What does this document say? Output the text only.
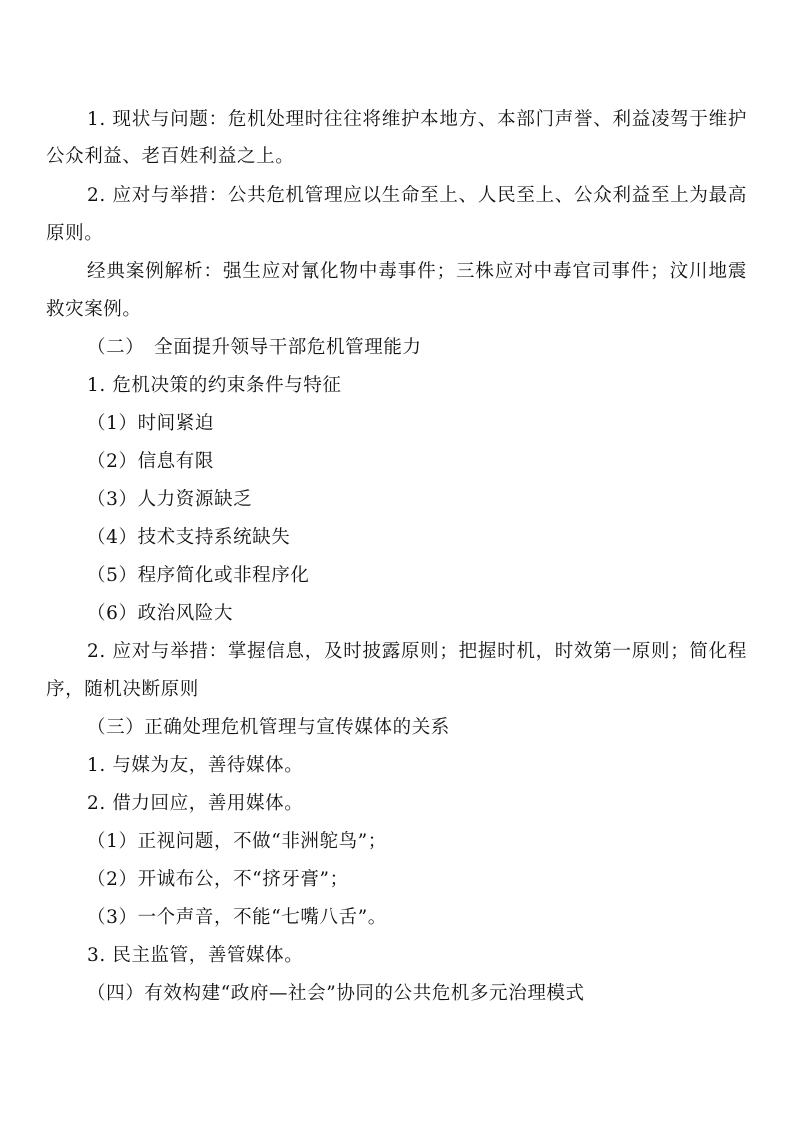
1. 现状与问题：危机处理时往往将维护本地方、本部门声誉、利益凌驾于维护
公众利益、老百姓利益之上。
2. 应对与举措：公共危机管理应以生命至上、人民至上、公众利益至上为最高
原则。
经典案例解析：强生应对氰化物中毒事件；三株应对中毒官司事件；汶川地震
救灾案例。
（二）　全面提升领导干部危机管理能力
1. 危机决策的约束条件与特征
（1）时间紧迫
（2）信息有限
（3）人力资源缺乏
（4）技术支持系统缺失
（5）程序简化或非程序化
（6）政治风险大
2. 应对与举措：掌握信息，及时披露原则；把握时机，时效第一原则；简化程
序，随机决断原则
（三）正确处理危机管理与宣传媒体的关系
1. 与媒为友，善待媒体。
2. 借力回应，善用媒体。
（1）正视问题，不做“非洲鸵鸟”；
（2）开诚布公，不“挤牙膏”；
（3）一个声音，不能“七嘴八舌”。
3. 民主监管，善管媒体。
（四）有效构建“政府—社会”协同的公共危机多元治理模式
